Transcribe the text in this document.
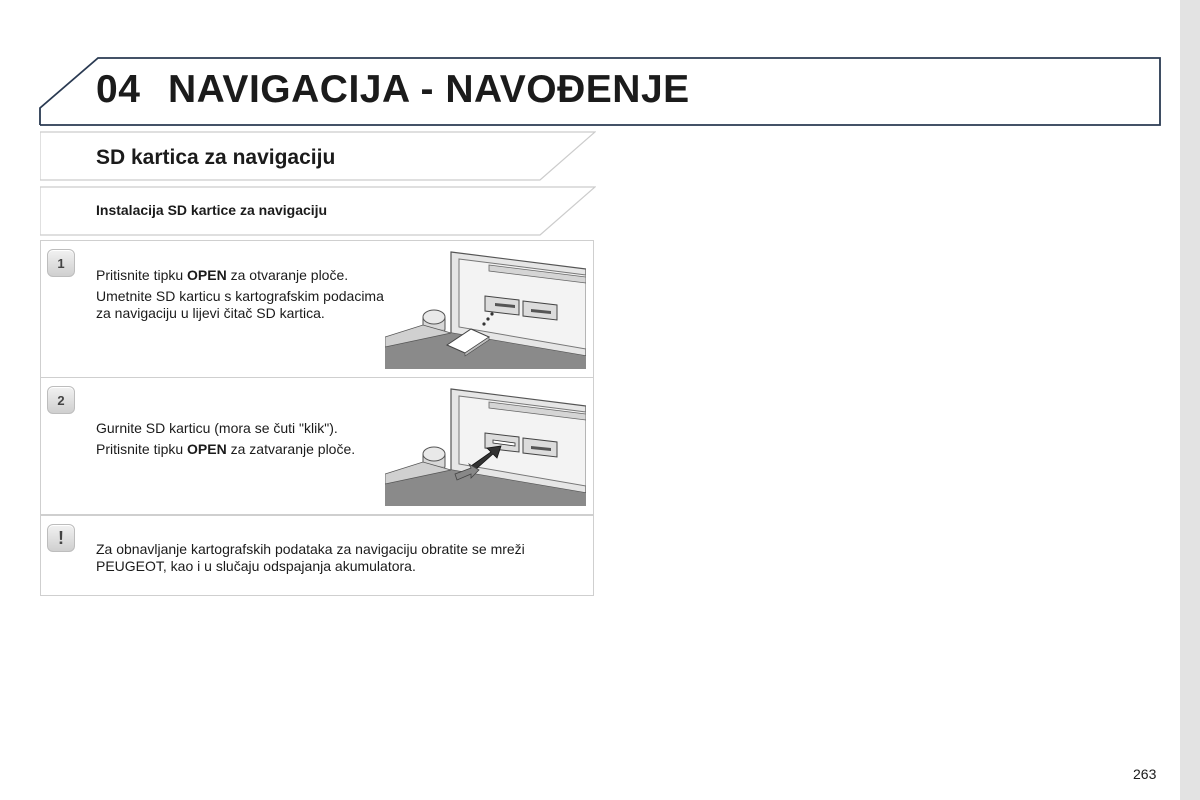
04 NAVIGACIJA - NAVOĐENJE
SD kartica za navigaciju
Instalacija SD kartice za navigaciju
1

Pritisnite tipku OPEN za otvaranje ploče.

Umetnite SD karticu s kartografskim podacima za navigaciju u lijevi čitač SD kartica.

2

Gurnite SD karticu (mora se čuti "klik").

Pritisnite tipku OPEN za zatvaranje ploče.

!
Za obnavljanje kartografskih podataka za navigaciju obratite se mreži PEUGEOT, kao i u slučaju odspajanja akumulatora.
263
